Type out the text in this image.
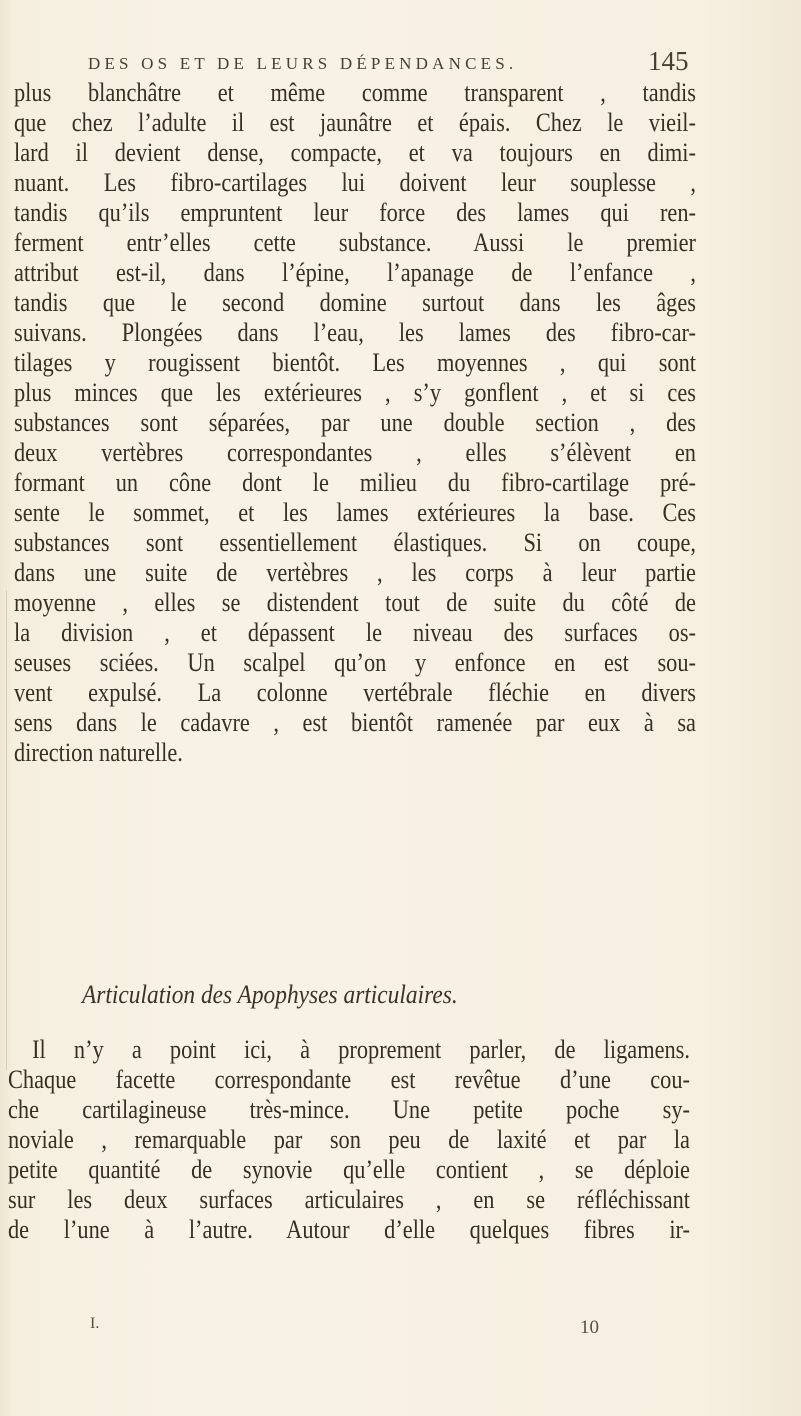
DES OS ET DE LEURS DÉPENDANCES.	145
plus blanchâtre et même comme transparent , tandis
que chez l’adulte il est jaunâtre et épais. Chez le vieil-
lard il devient dense, compacte, et va toujours en dimi-
nuant. Les fibro-cartilages lui doivent leur souplesse ,
tandis qu’ils empruntent leur force des lames qui ren-
ferment entr’elles cette substance. Aussi le premier
attribut est-il, dans l’épine, l’apanage de l’enfance ,
tandis que le second domine surtout dans les âges
suivans. Plongées dans l’eau, les lames des fibro-car-
tilages y rougissent bientôt. Les moyennes , qui sont
plus minces que les extérieures , s’y gonflent , et si ces
substances sont séparées, par une double section , des
deux vertèbres correspondantes , elles s’élèvent en
formant un cône dont le milieu du fibro-cartilage pré-
sente le sommet, et les lames extérieures la base. Ces
substances sont essentiellement élastiques. Si on coupe,
dans une suite de vertèbres , les corps à leur partie
moyenne , elles se distendent tout de suite du côté de
la division , et dépassent le niveau des surfaces os-
seuses sciées. Un scalpel qu’on y enfonce en est sou-
vent expulsé. La colonne vertébrale fléchie en divers
sens dans le cadavre , est bientôt ramenée par eux à sa
direction naturelle.
Articulation des Apophyses articulaires.
Il n’y a point ici, à proprement parler, de ligamens.
Chaque facette correspondante est revêtue d’une cou-
che cartilagineuse très-mince. Une petite poche sy-
noviale , remarquable par son peu de laxité et par la
petite quantité de synovie qu’elle contient , se déploie
sur les deux surfaces articulaires , en se réfléchissant
de l’une à l’autre. Autour d’elle quelques fibres ir-
I.	10
